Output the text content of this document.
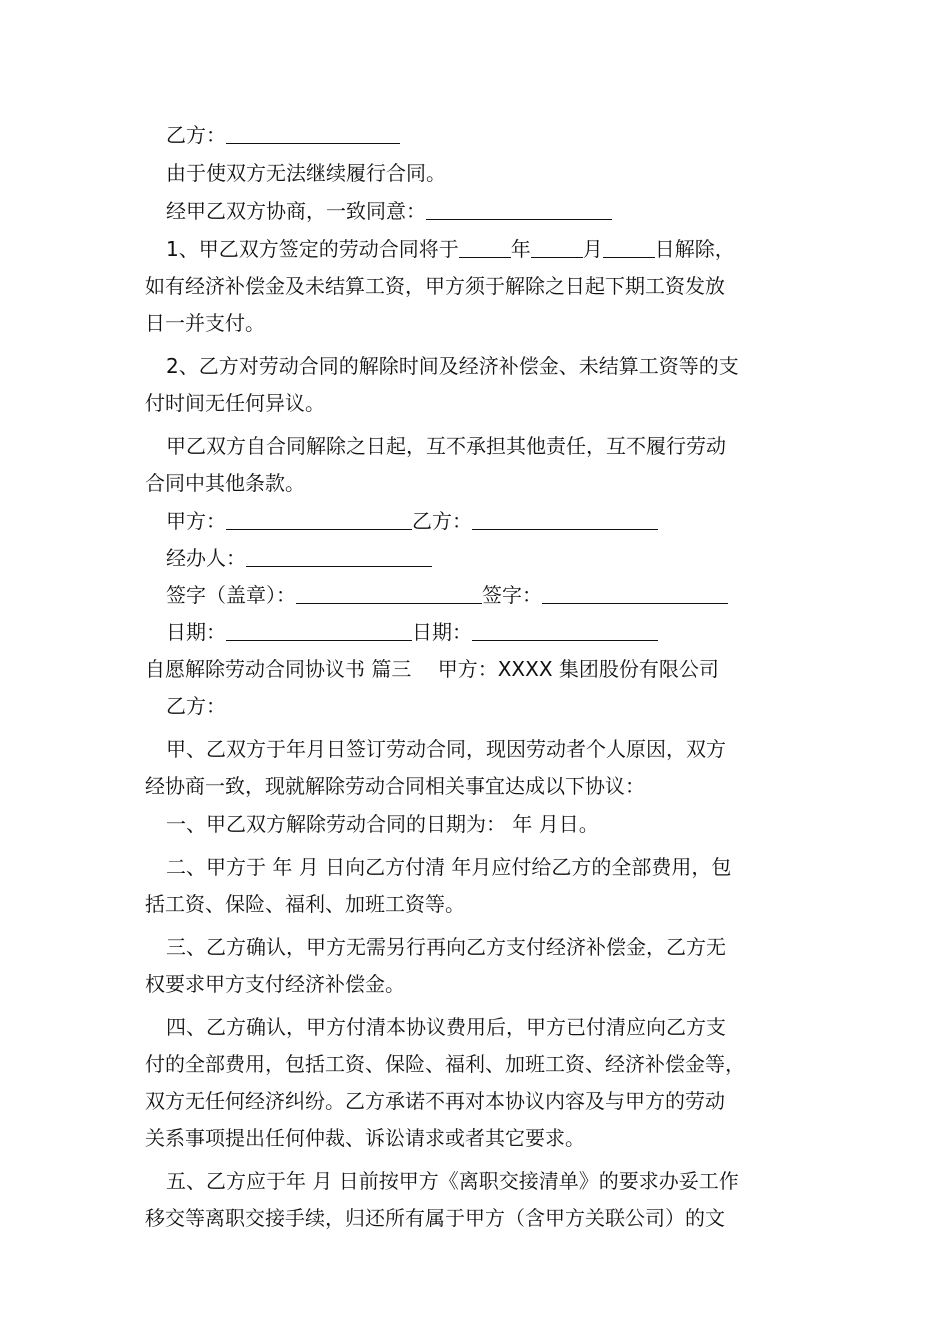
乙方：
由于使双方无法继续履行合同。
经甲乙双方协商，一致同意：
1、甲乙双方签定的劳动合同将于	年	月	日解除，
如有经济补偿金及未结算工资，甲方须于解除之日起下期工资发放
日一并支付。
2、乙方对劳动合同的解除时间及经济补偿金、未结算工资等的支
付时间无任何异议。
甲乙双方自合同解除之日起，互不承担其他责任，互不履行劳动
合同中其他条款。
甲方：	乙方：
经办人：
签字（盖章）：	签字：
日期：	日期：
自愿解除劳动合同协议书 篇三　 甲方：XXXX 集团股份有限公司
乙方：
甲、乙双方于年月日签订劳动合同，现因劳动者个人原因，双方
经协商一致，现就解除劳动合同相关事宜达成以下协议：
一、甲乙双方解除劳动合同的日期为： 年 月日。
二、甲方于 年 月 日向乙方付清 年月应付给乙方的全部费用，包
括工资、保险、福利、加班工资等。
三、乙方确认，甲方无需另行再向乙方支付经济补偿金，乙方无
权要求甲方支付经济补偿金。
四、乙方确认，甲方付清本协议费用后，甲方已付清应向乙方支
付的全部费用，包括工资、保险、福利、加班工资、经济补偿金等，
双方无任何经济纠纷。乙方承诺不再对本协议内容及与甲方的劳动
关系事项提出任何仲裁、诉讼请求或者其它要求。
五、乙方应于年 月 日前按甲方《离职交接清单》的要求办妥工作
移交等离职交接手续，归还所有属于甲方（含甲方关联公司）的文
